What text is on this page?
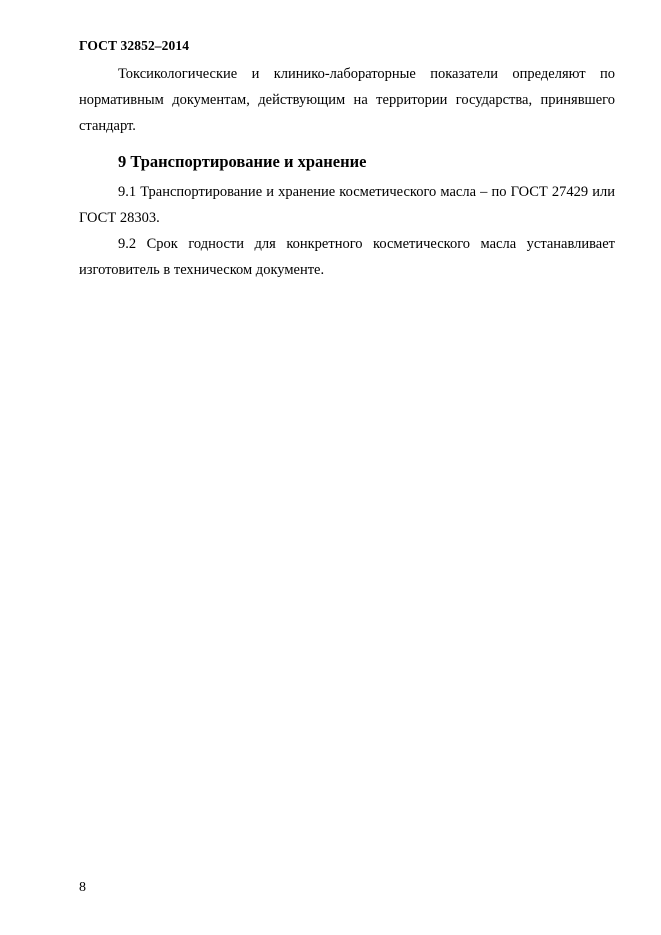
ГОСТ 32852–2014

Токсикологические и клинико-лабораторные показатели определяют по нормативным документам, действующим на территории государства, принявшего стандарт.

9 Транспортирование и хранение

9.1 Транспортирование и хранение косметического масла – по ГОСТ 27429 или ГОСТ 28303.

9.2 Срок годности для конкретного косметического масла устанавливает изготовитель в техническом документе.

8
